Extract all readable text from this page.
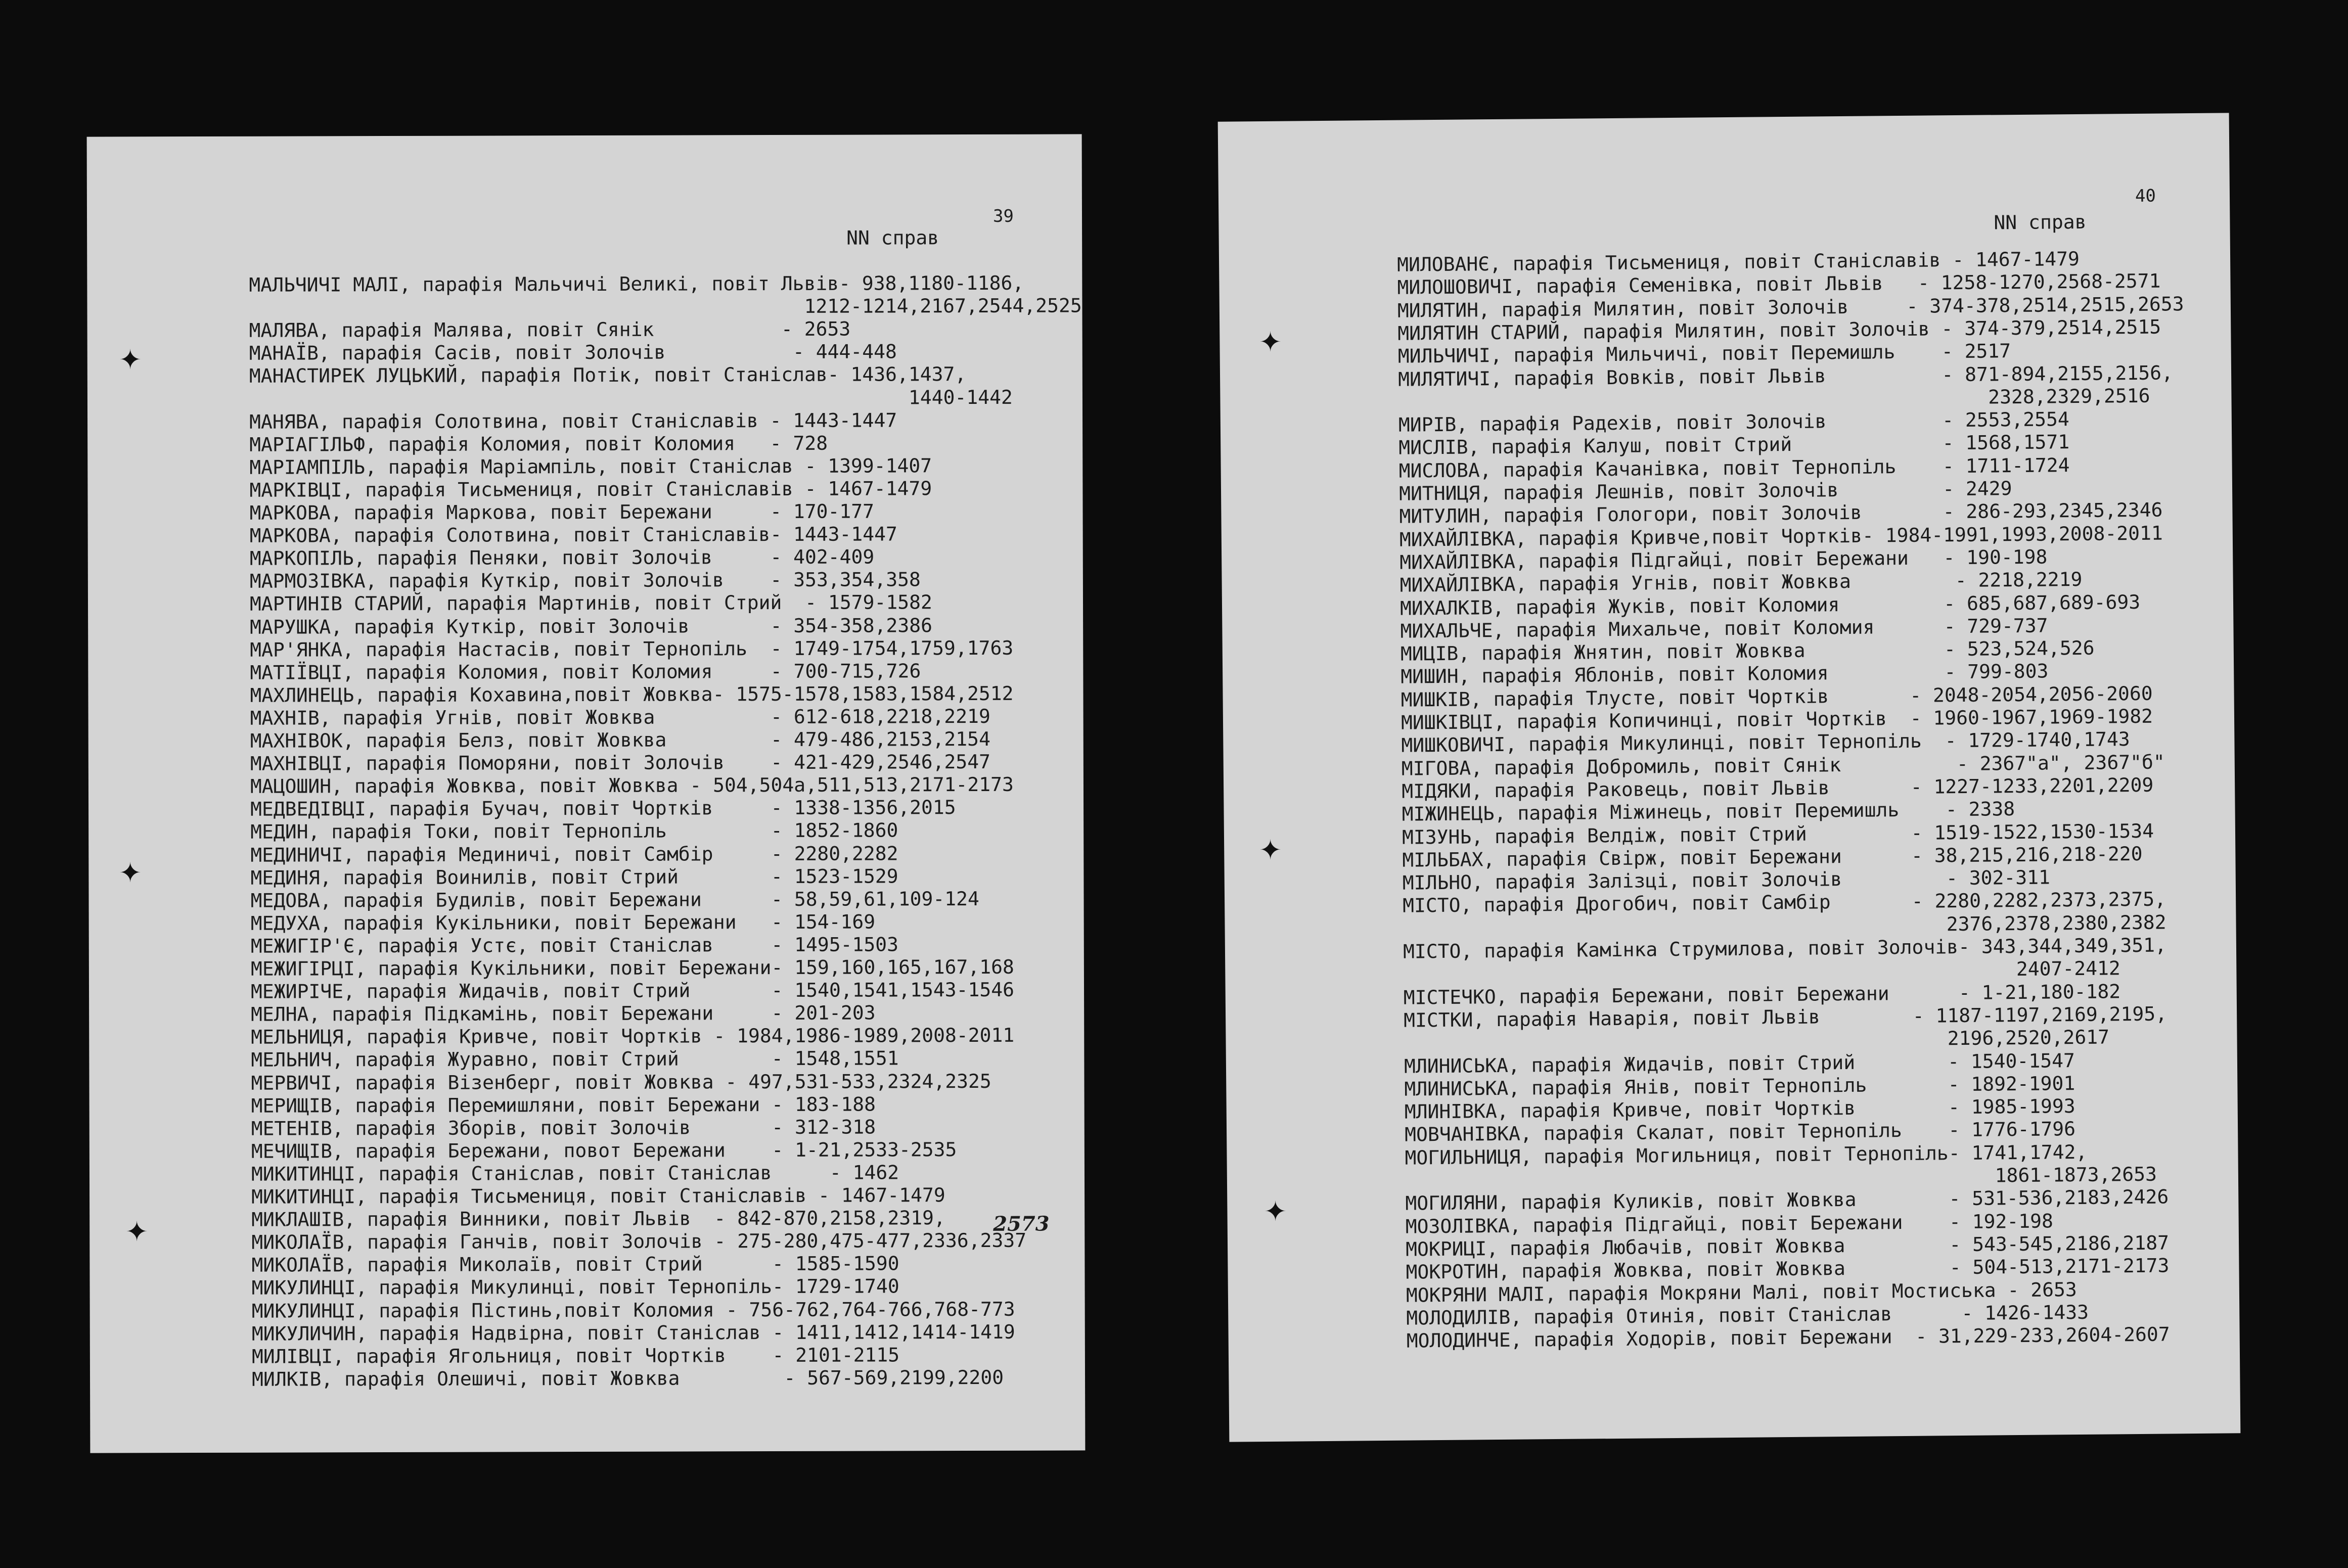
39
NN справ
МАЛЬЧИЧІ МАЛІ, парафія Мальчичі Великі, повіт Львів- 938,1180-1186,
1212-1214,2167,2544,2525
МАЛЯВА, парафія Малява, повіт Сянік           - 2653
МАНАЇВ, парафія Сасів, повіт Золочів           - 444-448
МАНАСТИРЕК ЛУЦЬКИЙ, парафія Потік, повіт Станіслав- 1436,1437,
1440-1442
МАНЯВА, парафія Солотвина, повіт Станіславів - 1443-1447
МАРІАГІЛЬФ, парафія Коломия, повіт Коломия   - 728
МАРІАМПІЛЬ, парафія Маріампіль, повіт Станіслав - 1399-1407
МАРКІВЦІ, парафія Тисьмениця, повіт Станіславів - 1467-1479
МАРКОВА, парафія Маркова, повіт Бережани     - 170-177
МАРКОВА, парафія Солотвина, повіт Станіславів- 1443-1447
МАРКОПІЛЬ, парафія Пеняки, повіт Золочів     - 402-409
МАРМОЗІВКА, парафія Куткір, повіт Золочів    - 353,354,358
МАРТИНІВ СТАРИЙ, парафія Мартинів, повіт Стрий  - 1579-1582
МАРУШКА, парафія Куткір, повіт Золочів       - 354-358,2386
МАР'ЯНКА, парафія Настасів, повіт Тернопіль  - 1749-1754,1759,1763
МАТІЇВЦІ, парафія Коломия, повіт Коломия     - 700-715,726
МАХЛИНЕЦЬ, парафія Кохавина,повіт Жовква- 1575-1578,1583,1584,2512
МАХНІВ, парафія Угнів, повіт Жовква          - 612-618,2218,2219
МАХНІВОК, парафія Белз, повіт Жовква         - 479-486,2153,2154
МАХНІВЦІ, парафія Поморяни, повіт Золочів    - 421-429,2546,2547
МАЦОШИН, парафія Жовква, повіт Жовква - 504,504а,511,513,2171-2173
МЕДВЕДІВЦІ, парафія Бучач, повіт Чортків     - 1338-1356,2015
МЕДИН, парафія Токи, повіт Тернопіль         - 1852-1860
МЕДИНИЧІ, парафія Мединичі, повіт Самбір     - 2280,2282
МЕДИНЯ, парафія Воинилів, повіт Стрий        - 1523-1529
МЕДОВА, парафія Будилів, повіт Бережани      - 58,59,61,109-124
МЕДУХА, парафія Кукільники, повіт Бережани   - 154-169
МЕЖИГІР'Є, парафія Устє, повіт Станіслав     - 1495-1503
МЕЖИГІРЦІ, парафія Кукільники, повіт Бережани- 159,160,165,167,168
МЕЖИРІЧЕ, парафія Жидачів, повіт Стрий       - 1540,1541,1543-1546
МЕЛНА, парафія Підкамінь, повіт Бережани     - 201-203
МЕЛЬНИЦЯ, парафія Кривче, повіт Чортків - 1984,1986-1989,2008-2011
МЕЛЬНИЧ, парафія Журавно, повіт Стрий        - 1548,1551
МЕРВИЧІ, парафія Візенберг, повіт Жовква - 497,531-533,2324,2325
МЕРИЩІВ, парафія Перемишляни, повіт Бережани - 183-188
МЕТЕНІВ, парафія Зборів, повіт Золочів       - 312-318
МЕЧИЩІВ, парафія Бережани, повот Бережани    - 1-21,2533-2535
МИКИТИНЦІ, парафія Станіслав, повіт Станіслав     - 1462
МИКИТИНЦІ, парафія Тисьмениця, повіт Станіславів - 1467-1479
МИКЛАШІВ, парафія Винники, повіт Львів  - 842-870,2158,2319,
МИКОЛАЇВ, парафія Ганчів, повіт Золочів - 275-280,475-477,2336,2337
МИКОЛАЇВ, парафія Миколаїв, повіт Стрий      - 1585-1590
МИКУЛИНЦІ, парафія Микулинці, повіт Тернопіль- 1729-1740
МИКУЛИНЦІ, парафія Пістинь,повіт Коломия - 756-762,764-766,768-773
МИКУЛИЧИН, парафія Надвірна, повіт Станіслав - 1411,1412,1414-1419
МИЛІВЦІ, парафія Ягольниця, повіт Чортків    - 2101-2115
МИЛКІВ, парафія Олешичі, повіт Жовква         - 567-569,2199,2200
2573
40
NN справ
МИЛОВАНЄ, парафія Тисьмениця, повіт Станіславів - 1467-1479
МИЛОШОВИЧІ, парафія Семенівка, повіт Львів   - 1258-1270,2568-2571
МИЛЯТИН, парафія Милятин, повіт Золочів     - 374-378,2514,2515,2653
МИЛЯТИН СТАРИЙ, парафія Милятин, повіт Золочів - 374-379,2514,2515
МИЛЬЧИЧІ, парафія Мильчичі, повіт Перемишль    - 2517
МИЛЯТИЧІ, парафія Вовків, повіт Львів          - 871-894,2155,2156,
2328,2329,2516
МИРІВ, парафія Радехів, повіт Золочів          - 2553,2554
МИСЛІВ, парафія Калуш, повіт Стрий             - 1568,1571
МИСЛОВА, парафія Качанівка, повіт Тернопіль    - 1711-1724
МИТНИЦЯ, парафія Лешнів, повіт Золочів         - 2429
МИТУЛИН, парафія Гологори, повіт Золочів       - 286-293,2345,2346
МИХАЙЛІВКА, парафія Кривче,повіт Чортків- 1984-1991,1993,2008-2011
МИХАЙЛІВКА, парафія Підгайці, повіт Бережани   - 190-198
МИХАЙЛІВКА, парафія Угнів, повіт Жовква         - 2218,2219
МИХАЛКІВ, парафія Жуків, повіт Коломия         - 685,687,689-693
МИХАЛЬЧЕ, парафія Михальче, повіт Коломия      - 729-737
МИЦІВ, парафія Жнятин, повіт Жовква            - 523,524,526
МИШИН, парафія Яблонів, повіт Коломия          - 799-803
МИШКІВ, парафія Тлусте, повіт Чортків       - 2048-2054,2056-2060
МИШКІВЦІ, парафія Копичинці, повіт Чортків  - 1960-1967,1969-1982
МИШКОВИЧІ, парафія Микулинці, повіт Тернопіль  - 1729-1740,1743
МІГОВА, парафія Добромиль, повіт Сянік          - 2367"а", 2367"б"
МІДЯКИ, парафія Раковець, повіт Львів       - 1227-1233,2201,2209
МІЖИНЕЦЬ, парафія Міжинець, повіт Перемишль    - 2338
МІЗУНЬ, парафія Велдіж, повіт Стрий         - 1519-1522,1530-1534
МІЛЬБАХ, парафія Свірж, повіт Бережани      - 38,215,216,218-220
МІЛЬНО, парафія Залізці, повіт Золочів         - 302-311
МІСТО, парафія Дрогобич, повіт Самбір       - 2280,2282,2373,2375,
2376,2378,2380,2382
МІСТО, парафія Камінка Струмилова, повіт Золочів- 343,344,349,351,
2407-2412
МІСТЕЧКО, парафія Бережани, повіт Бережани      - 1-21,180-182
МІСТКИ, парафія Наварія, повіт Львів        - 1187-1197,2169,2195,
2196,2520,2617
МЛИНИСЬКА, парафія Жидачів, повіт Стрий        - 1540-1547
МЛИНИСЬКА, парафія Янів, повіт Тернопіль       - 1892-1901
МЛИНІВКА, парафія Кривче, повіт Чортків        - 1985-1993
МОВЧАНІВКА, парафія Скалат, повіт Тернопіль    - 1776-1796
МОГИЛЬНИЦЯ, парафія Могильниця, повіт Тернопіль- 1741,1742,
1861-1873,2653
МОГИЛЯНИ, парафія Куликів, повіт Жовква        - 531-536,2183,2426
МОЗОЛІВКА, парафія Підгайці, повіт Бережани    - 192-198
МОКРИЦІ, парафія Любачів, повіт Жовква         - 543-545,2186,2187
МОКРОТИН, парафія Жовква, повіт Жовква         - 504-513,2171-2173
МОКРЯНИ МАЛІ, парафія Мокряни Малі, повіт Мостиська - 2653
МОЛОДИЛІВ, парафія Отинія, повіт Станіслав      - 1426-1433
МОЛОДИНЧЕ, парафія Ходорів, повіт Бережани  - 31,229-233,2604-2607
✦
✦
✦
✦
✦
✦
